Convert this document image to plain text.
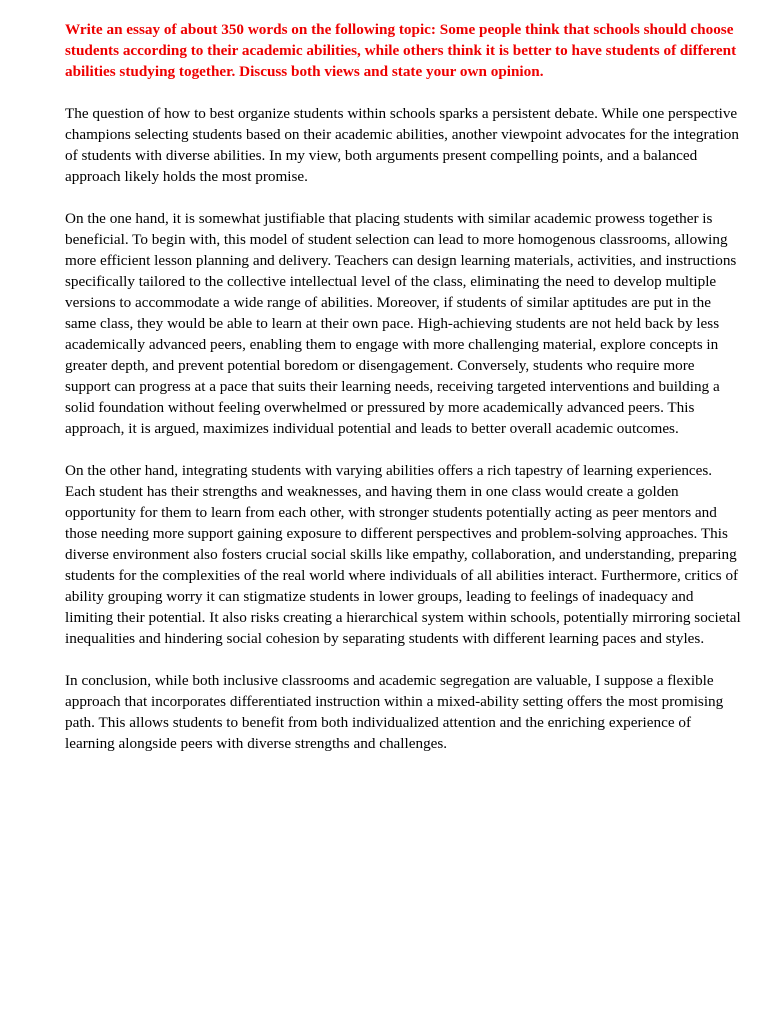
Write an essay of about 350 words on the following topic: Some people think that schools should choose students according to their academic abilities, while others think it is better to have students of different abilities studying together. Discuss both views and state your own opinion.

The question of how to best organize students within schools sparks a persistent debate. While one perspective champions selecting students based on their academic abilities, another viewpoint advocates for the integration of students with diverse abilities. In my view, both arguments present compelling points, and a balanced approach likely holds the most promise.

On the one hand, it is somewhat justifiable that placing students with similar academic prowess together is beneficial. To begin with, this model of student selection can lead to more homogenous classrooms, allowing more efficient lesson planning and delivery. Teachers can design learning materials, activities, and instructions specifically tailored to the collective intellectual level of the class, eliminating the need to develop multiple versions to accommodate a wide range of abilities. Moreover, if students of similar aptitudes are put in the same class, they would be able to learn at their own pace. High-achieving students are not held back by less academically advanced peers, enabling them to engage with more challenging material, explore concepts in greater depth, and prevent potential boredom or disengagement. Conversely, students who require more support can progress at a pace that suits their learning needs, receiving targeted interventions and building a solid foundation without feeling overwhelmed or pressured by more academically advanced peers. This approach, it is argued, maximizes individual potential and leads to better overall academic outcomes.

On the other hand, integrating students with varying abilities offers a rich tapestry of learning experiences. Each student has their strengths and weaknesses, and having them in one class would create a golden opportunity for them to learn from each other, with stronger students potentially acting as peer mentors and those needing more support gaining exposure to different perspectives and problem-solving approaches. This diverse environment also fosters crucial social skills like empathy, collaboration, and understanding, preparing students for the complexities of the real world where individuals of all abilities interact. Furthermore, critics of ability grouping worry it can stigmatize students in lower groups, leading to feelings of inadequacy and limiting their potential. It also risks creating a hierarchical system within schools, potentially mirroring societal inequalities and hindering social cohesion by separating students with different learning paces and styles.

In conclusion, while both inclusive classrooms and academic segregation are valuable, I suppose a flexible approach that incorporates differentiated instruction within a mixed-ability setting offers the most promising path. This allows students to benefit from both individualized attention and the enriching experience of learning alongside peers with diverse strengths and challenges.
